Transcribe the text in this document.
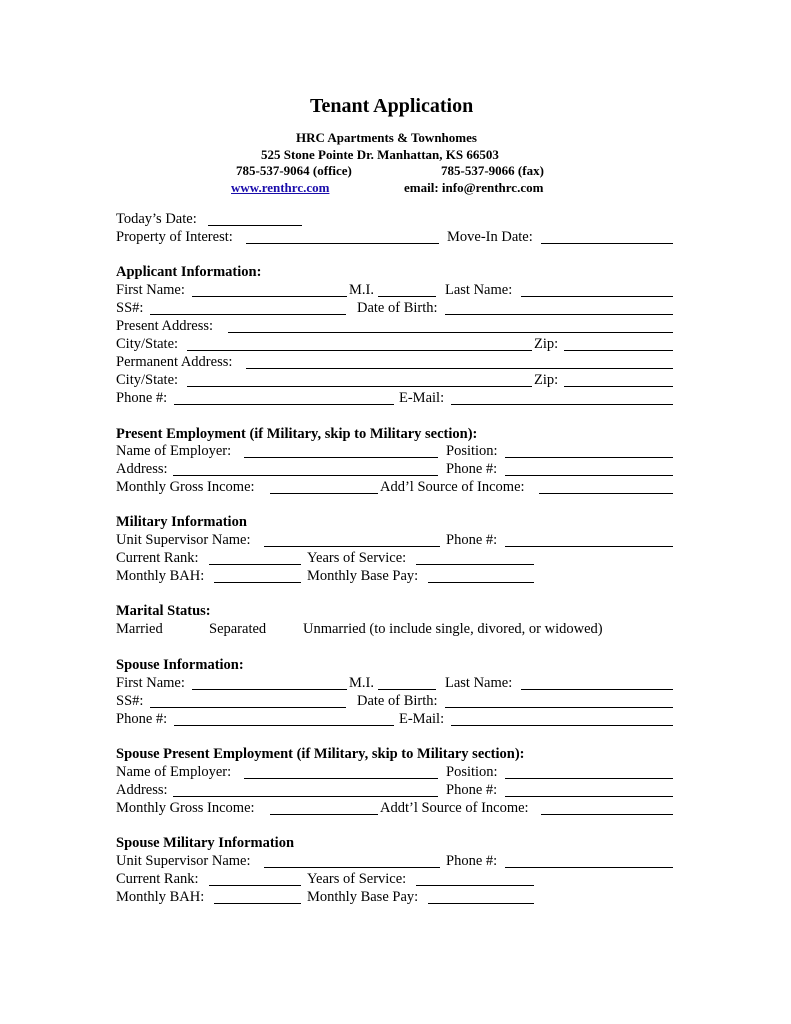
Tenant Application
HRC Apartments & Townhomes
525 Stone Pointe Dr. Manhattan, KS 66503
785-537-9064 (office)	785-537-9066 (fax)
www.renthrc.com	email: info@renthrc.com
Today’s Date:
Property of Interest:	Move-In Date:
Applicant Information:
First Name:	M.I.	Last Name:
SS#:	Date of Birth:
Present Address:
City/State:	Zip:
Permanent Address:
City/State:	Zip:
Phone #:	E-Mail:
Present Employment (if Military, skip to Military section):
Name of Employer:	Position:
Address:	Phone #:
Monthly Gross Income:	Add’l Source of Income:
Military Information
Unit Supervisor Name:	Phone #:
Current Rank:	Years of Service:
Monthly BAH:	Monthly Base Pay:
Marital Status:
Married	Separated	Unmarried (to include single, divored, or widowed)
Spouse Information:
First Name:	M.I.	Last Name:
SS#:	Date of Birth:
Phone #:	E-Mail:
Spouse Present Employment (if Military, skip to Military section):
Name of Employer:	Position:
Address:	Phone #:
Monthly Gross Income:	Addt’l Source of Income:
Spouse Military Information
Unit Supervisor Name:	Phone #:
Current Rank:	Years of Service:
Monthly BAH:	Monthly Base Pay:
